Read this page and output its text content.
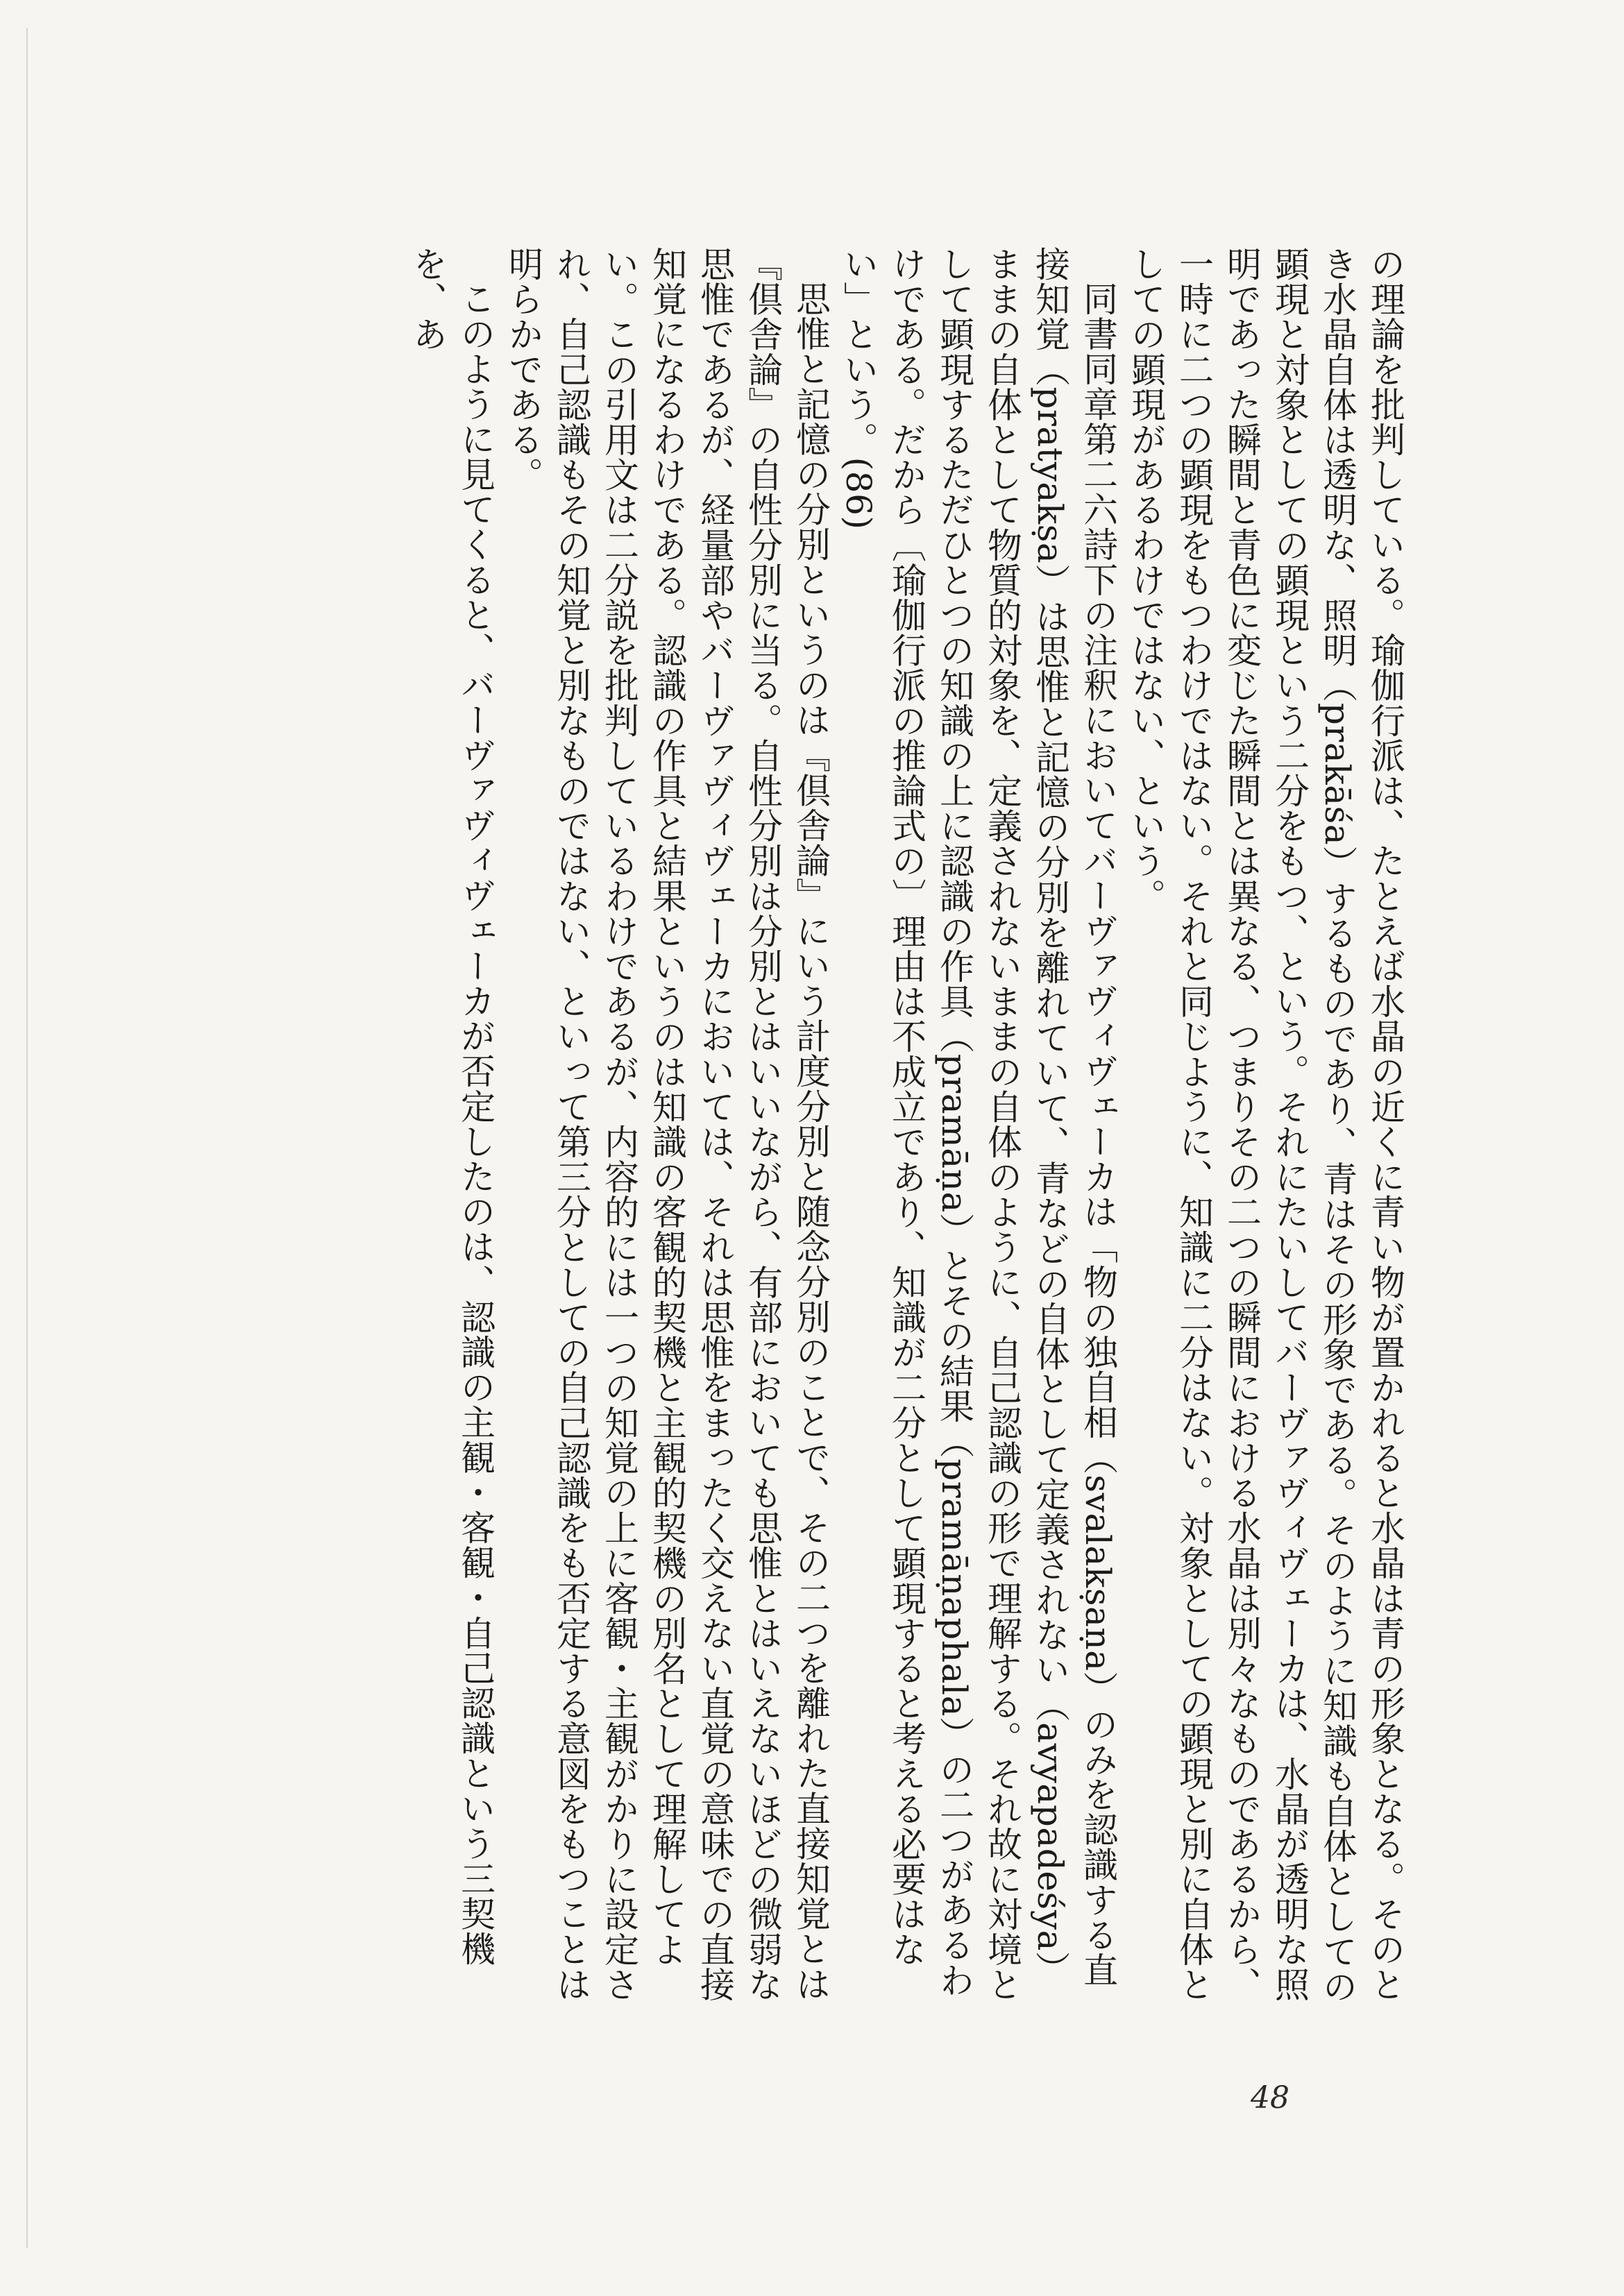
の理論を批判している。瑜伽行派は、たとえば水晶の近くに青い物が置かれると水晶は青の形象となる。そのとき水晶自体は透明な、照明（prakāśa）するものであり、青はその形象である。そのように知識も自体としての顕現と対象としての顕現という二分をもつ、という。それにたいしてバーヴァヴィヴェーカは、水晶が透明な照明であった瞬間と青色に変じた瞬間とは異なる、つまりその二つの瞬間における水晶は別々なものであるから、一時に二つの顕現をもつわけではない。それと同じように、知識に二分はない。対象としての顕現と別に自体としての顕現があるわけではない、という。

同書同章第二六詩下の注釈においてバーヴァヴィヴェーカは「物の独自相（svalakṣaṇa）のみを認識する直接知覚（pratyakṣa）は思惟と記憶の分別を離れていて、青などの自体として定義されない（avyapadeśya）ままの自体として物質的対象を、定義されないままの自体のように、自己認識の形で理解する。それ故に対境として顕現するただひとつの知識の上に認識の作具（pramāṇa）とその結果（pramāṇaphala）の二つがあるわけである。だから〔瑜伽行派の推論式の〕理由は不成立であり、知識が二分として顕現すると考える必要はない」という。(86)

思惟と記憶の分別というのは『倶舎論』にいう計度分別と随念分別のことで、その二つを離れた直接知覚とは『倶舎論』の自性分別に当る。自性分別は分別とはいいながら、有部においても思惟とはいえないほどの微弱な思惟であるが、経量部やバーヴァヴィヴェーカにおいては、それは思惟をまったく交えない直覚の意味での直接知覚になるわけである。認識の作具と結果というのは知識の客観的契機と主観的契機の別名として理解してよい。この引用文は二分説を批判しているわけであるが、内容的には一つの知覚の上に客観・主観がかりに設定され、自己認識もその知覚と別なものではない、といって第三分としての自己認識をも否定する意図をもつことは明らかである。

このように見てくると、バーヴァヴィヴェーカが否定したのは、認識の主観・客観・自己認識という三契機を、あ

48
